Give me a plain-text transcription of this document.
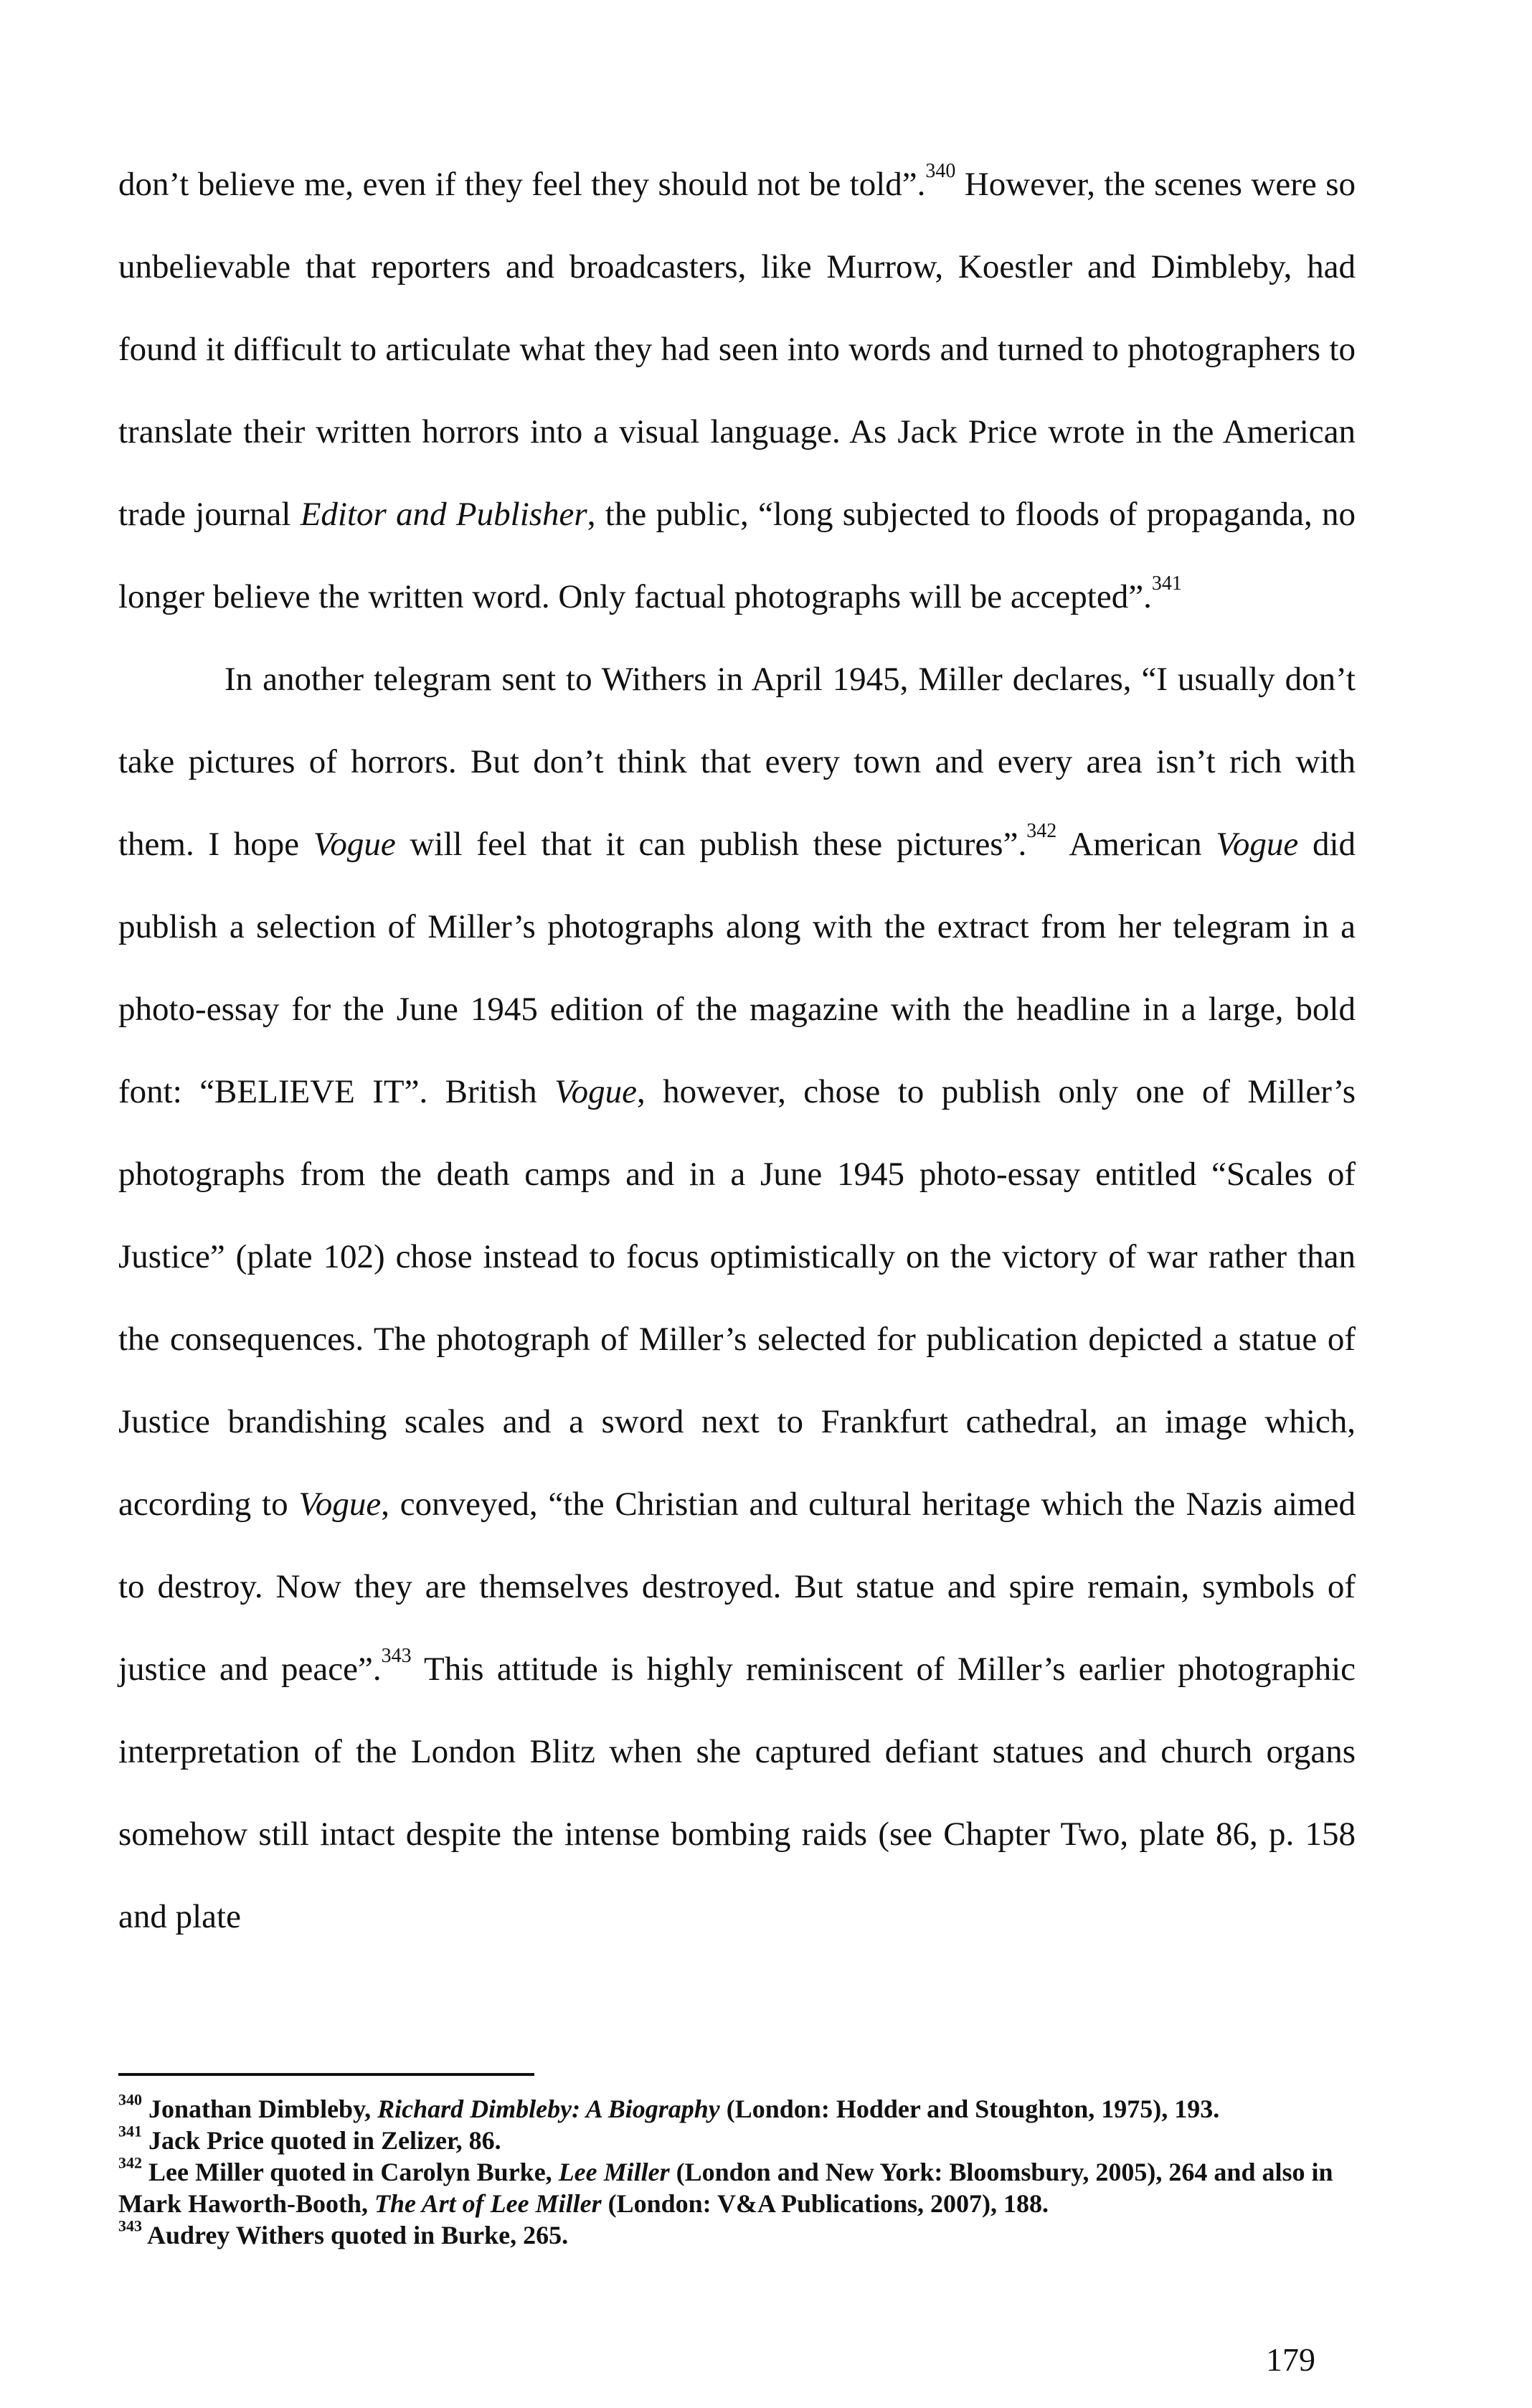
don’t believe me, even if they feel they should not be told”.$^{340}$ However, the scenes were so unbelievable that reporters and broadcasters, like Murrow, Koestler and Dimbleby, had found it difficult to articulate what they had seen into words and turned to photographers to translate their written horrors into a visual language. As Jack Price wrote in the American trade journal Editor and Publisher, the public, “long subjected to floods of propaganda, no longer believe the written word. Only factual photographs will be accepted”.$^{341}$

In another telegram sent to Withers in April 1945, Miller declares, “I usually don’t take pictures of horrors. But don’t think that every town and every area isn’t rich with them. I hope Vogue will feel that it can publish these pictures”.$^{342}$ American Vogue did publish a selection of Miller’s photographs along with the extract from her telegram in a photo-essay for the June 1945 edition of the magazine with the headline in a large, bold font: “BELIEVE IT”. British Vogue, however, chose to publish only one of Miller’s photographs from the death camps and in a June 1945 photo-essay entitled “Scales of Justice” (plate 102) chose instead to focus optimistically on the victory of war rather than the consequences. The photograph of Miller’s selected for publication depicted a statue of Justice brandishing scales and a sword next to Frankfurt cathedral, an image which, according to Vogue, conveyed, “the Christian and cultural heritage which the Nazis aimed to destroy. Now they are themselves destroyed. But statue and spire remain, symbols of justice and peace”.$^{343}$ This attitude is highly reminiscent of Miller’s earlier photographic interpretation of the London Blitz when she captured defiant statues and church organs somehow still intact despite the intense bombing raids (see Chapter Two, plate 86, p. 158 and plate

$^{340}$ Jonathan Dimbleby, Richard Dimbleby: A Biography (London: Hodder and Stoughton, 1975), 193.

$^{341}$ Jack Price quoted in Zelizer, 86.

$^{342}$ Lee Miller quoted in Carolyn Burke, Lee Miller (London and New York: Bloomsbury, 2005), 264 and also in Mark Haworth-Booth, The Art of Lee Miller (London: V&A Publications, 2007), 188.

$^{343}$ Audrey Withers quoted in Burke, 265.

179
